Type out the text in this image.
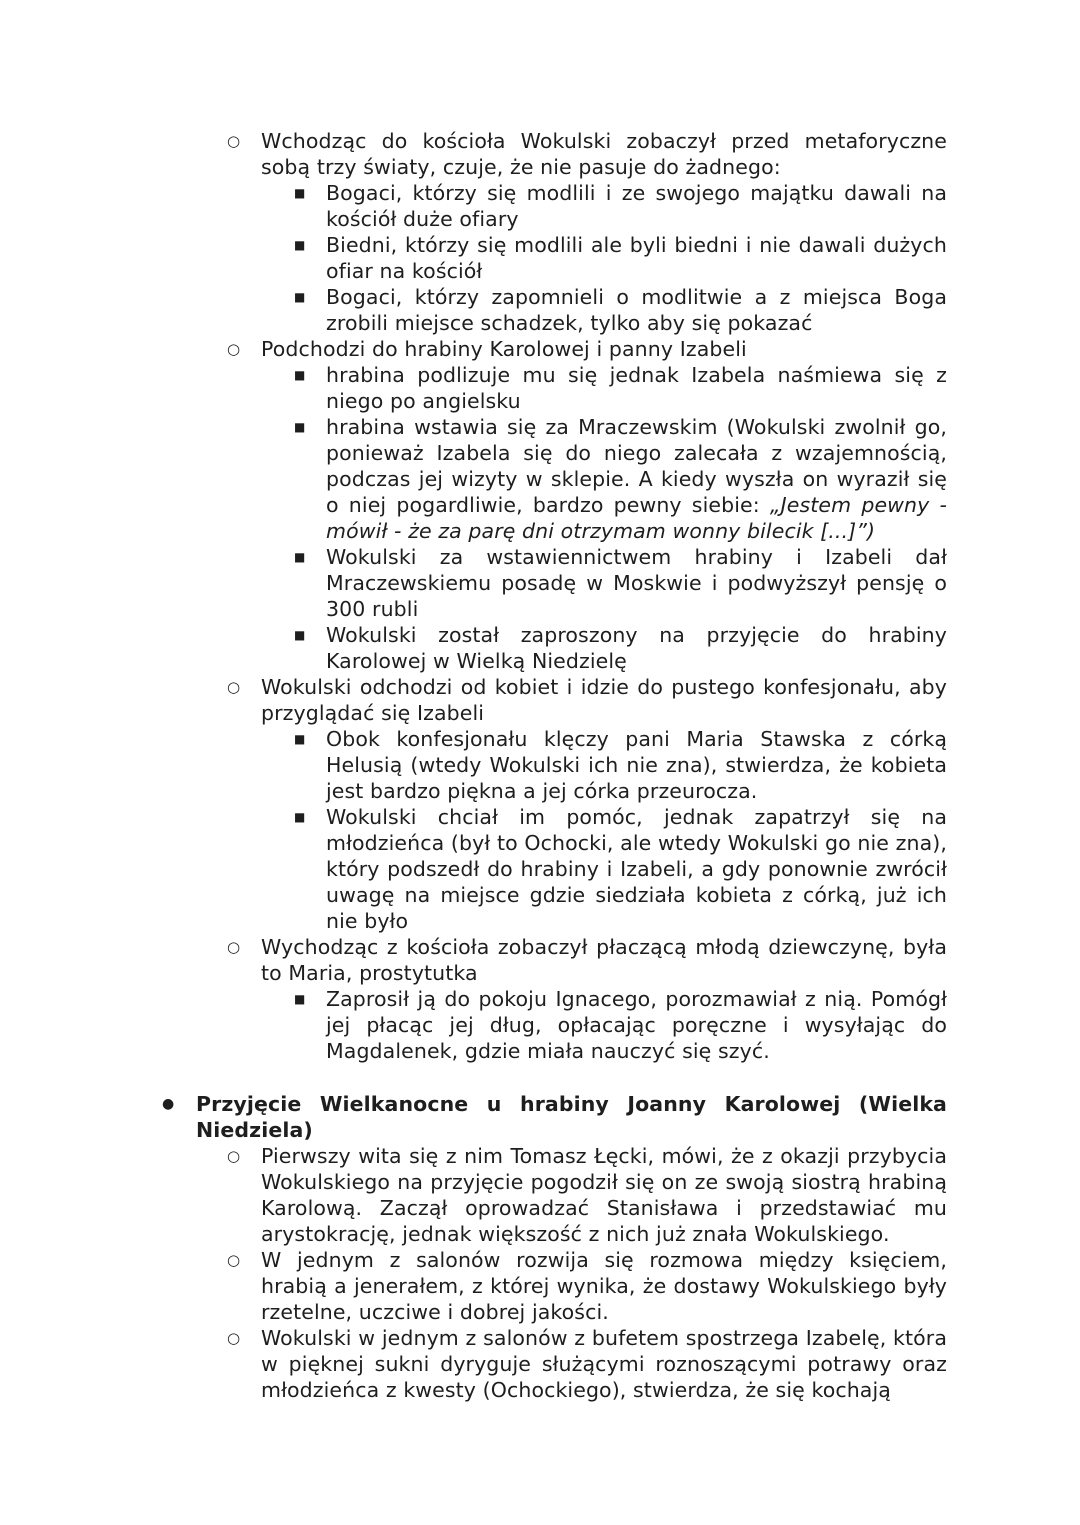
○ Wchodząc do kościoła Wokulski zobaczył przed metaforyczne sobą trzy światy, czuje, że nie pasuje do żadnego:
■ Bogaci, którzy się modlili i ze swojego majątku dawali na kościół duże ofiary
■ Biedni, którzy się modlili ale byli biedni i nie dawali dużych ofiar na kościół
■ Bogaci, którzy zapomnieli o modlitwie a z miejsca Boga zrobili miejsce schadzek, tylko aby się pokazać
○ Podchodzi do hrabiny Karolowej i panny Izabeli
■ hrabina podlizuje mu się jednak Izabela naśmiewa się z niego po angielsku
■ hrabina wstawia się za Mraczewskim (Wokulski zwolnił go, ponieważ Izabela się do niego zalecała z wzajemnością, podczas jej wizyty w sklepie. A kiedy wyszła on wyraził się o niej pogardliwie, bardzo pewny siebie: „Jestem pewny - mówił - że za parę dni otrzymam wonny bilecik [...]”)
■ Wokulski za wstawiennictwem hrabiny i Izabeli dał Mraczewskiemu posadę w Moskwie i podwyższył pensję o 300 rubli
■ Wokulski został zaproszony na przyjęcie do hrabiny Karolowej w Wielką Niedzielę
○ Wokulski odchodzi od kobiet i idzie do pustego konfesjonału, aby przyglądać się Izabeli
■ Obok konfesjonału klęczy pani Maria Stawska z córką Helusią (wtedy Wokulski ich nie zna), stwierdza, że kobieta jest bardzo piękna a jej córka przeurocza.
■ Wokulski chciał im pomóc, jednak zapatrzył się na młodzieńca (był to Ochocki, ale wtedy Wokulski go nie zna), który podszedł do hrabiny i Izabeli, a gdy ponownie zwrócił uwagę na miejsce gdzie siedziała kobieta z córką, już ich nie było
○ Wychodząc z kościoła zobaczył płaczącą młodą dziewczynę, była to Maria, prostytutka
■ Zaprosił ją do pokoju Ignacego, porozmawiał z nią. Pomógł jej płacąc jej dług, opłacając poręczne i wysyłając do Magdalenek, gdzie miała nauczyć się szyć.
● Przyjęcie Wielkanocne u hrabiny Joanny Karolowej (Wielka Niedziela)
○ Pierwszy wita się z nim Tomasz Łęcki, mówi, że z okazji przybycia Wokulskiego na przyjęcie pogodził się on ze swoją siostrą hrabiną Karolową. Zaczął oprowadzać Stanisława i przedstawiać mu arystokrację, jednak większość z nich już znała Wokulskiego.
○ W jednym z salonów rozwija się rozmowa między księciem, hrabią a jenerałem, z której wynika, że dostawy Wokulskiego były rzetelne, uczciwe i dobrej jakości.
○ Wokulski w jednym z salonów z bufetem spostrzega Izabelę, która w pięknej sukni dyryguje służącymi roznoszącymi potrawy oraz młodzieńca z kwesty (Ochockiego), stwierdza, że się kochają
